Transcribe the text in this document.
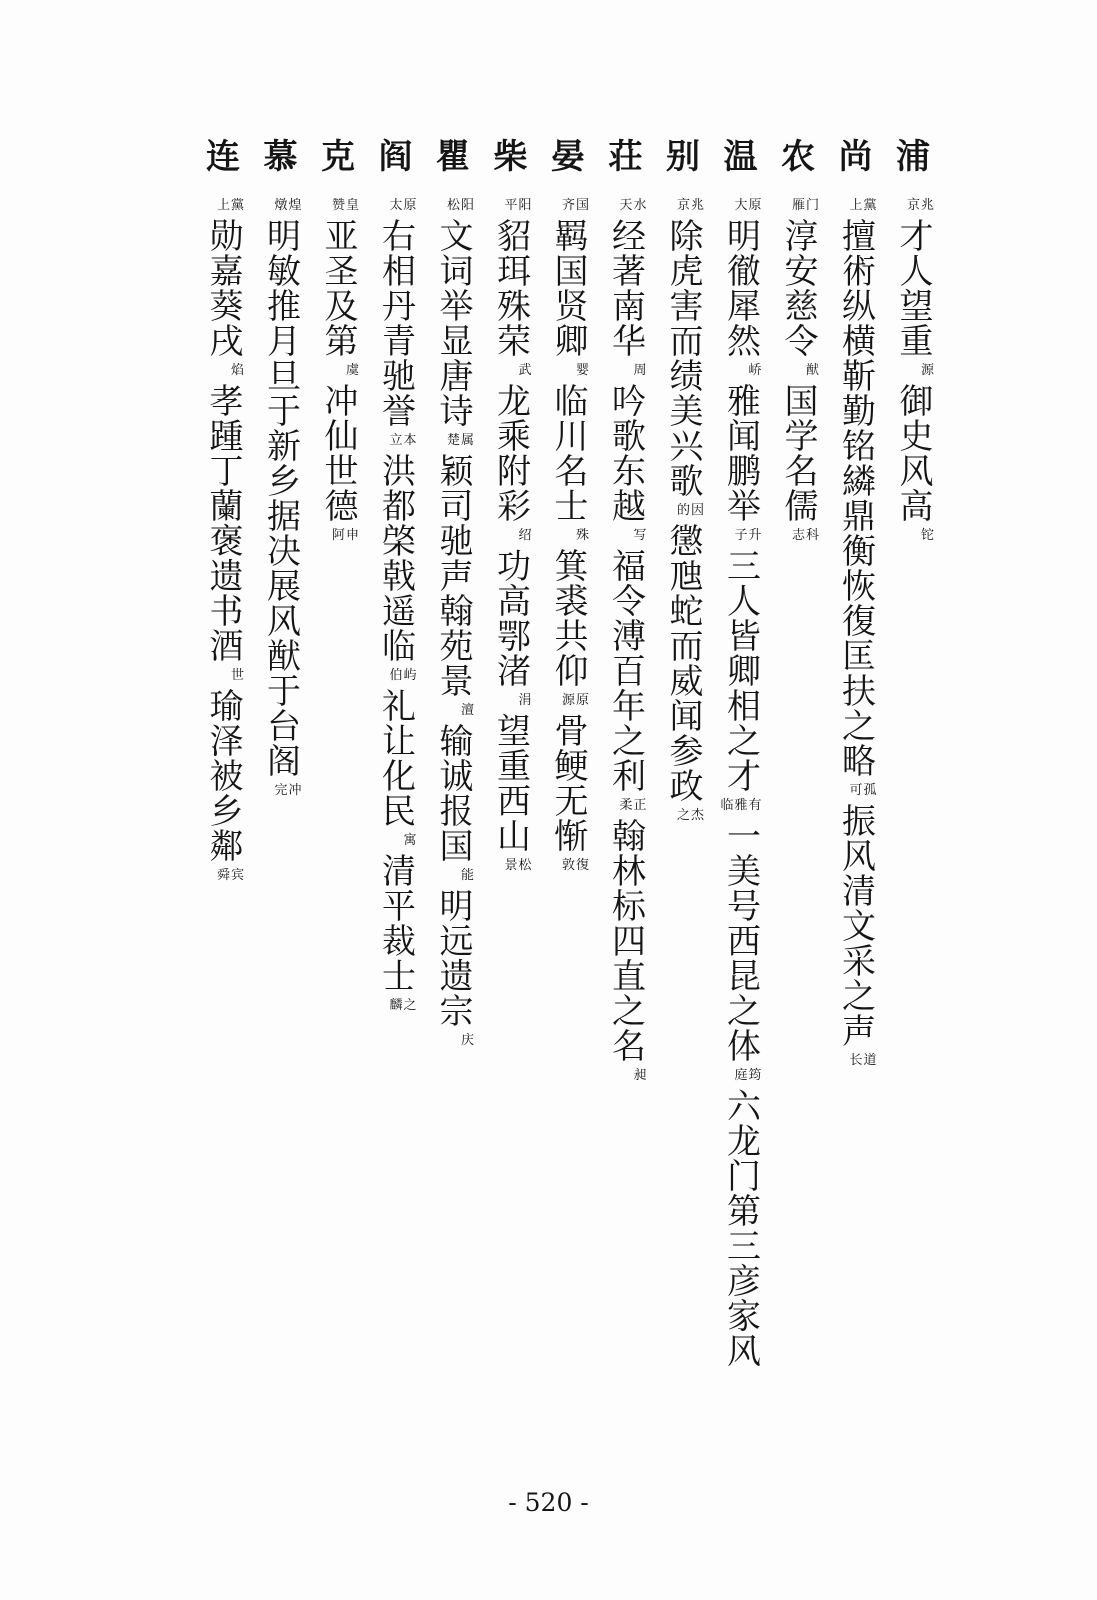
浦
京兆才人望重源御史风高铊
尚
上黨擅術纵横靳勤铭繗鼎衡恢復匡扶之略可孤振风清文采之声长道
农
雁门淳安慈令猷国学名儒志科
温
大原明徹犀然峤雅闻鹏举子升三人皆卿相之才临雅有一美号西昆之体庭筠六龙门第三彦家风
别
京兆除虎害而绩美兴歌的因懲虺蛇而威闻参政之杰
荘
天水经著南华周吟歌东越写福令溥百年之利柔正翰林标四直之名昶
晏
齐国羁国贤卿婴临川名士殊箕裘共仰源原骨鲠无惭敦復
柴
平阳貂珥殊荣武龙乘附彩绍功高鄂渚涓望重西山景松
瞿
松阳文词举显唐诗楚属颖司驰声翰苑景澶输诚报国能明远遗宗庆
阎
太原右相丹青驰誉立本洪都棨戟遥临伯屿礼让化民寓清平裁士麟之
克
赞皇亚圣及第虞冲仙世德阿申
慕
燉煌明敏推月旦于新乡据决展风猷于台阁完冲
连
上黨勋嘉葵戌焰孝踵丁蘭褒遗书酒世瑜泽被乡鄰舜宾
- 520 -
